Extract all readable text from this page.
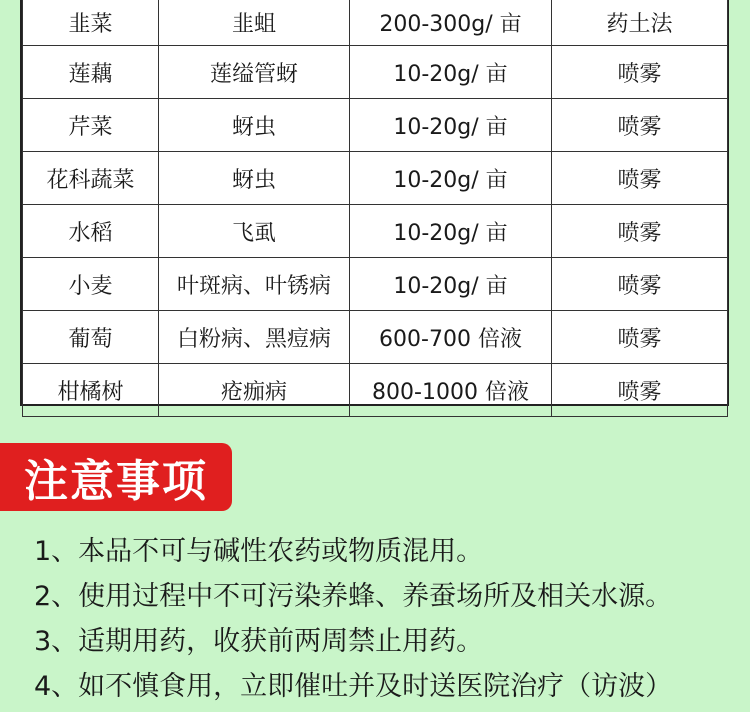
韭菜	韭蛆	200-300g/ 亩	药土法
莲藕	莲缢管蚜	10-20g/ 亩	喷雾
芹菜	蚜虫	10-20g/ 亩	喷雾
花科蔬菜	蚜虫	10-20g/ 亩	喷雾
水稻	飞虱	10-20g/ 亩	喷雾
小麦	叶斑病、叶锈病	10-20g/ 亩	喷雾
葡萄	白粉病、黑痘病	600-700 倍液	喷雾
柑橘树	疮痂病	800-1000 倍液	喷雾
注意事项
1、本品不可与碱性农药或物质混用。
2、使用过程中不可污染养蜂、养蚕场所及相关水源。
3、适期用药，收获前两周禁止用药。
4、如不慎食用，立即催吐并及时送医院治疗（访波）
